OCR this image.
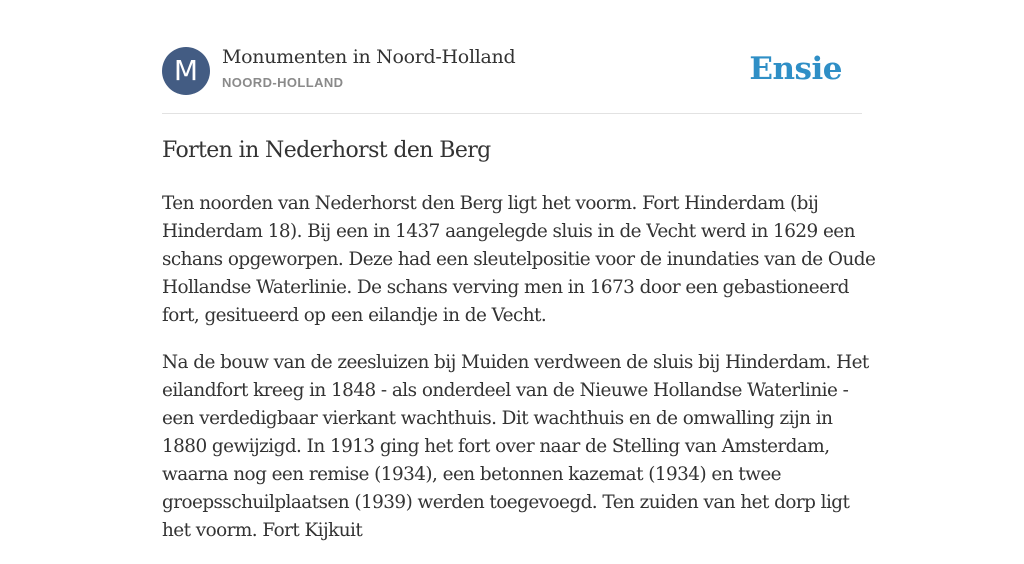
M	Monumenten in Noord-Holland
NOORD-HOLLAND	Ensie
Forten in Nederhorst den Berg

Ten noorden van Nederhorst den Berg ligt het voorm. Fort Hinderdam (bij Hinderdam 18). Bij een in 1437 aangelegde sluis in de Vecht werd in 1629 een schans opgeworpen. Deze had een sleutelpositie voor de inundaties van de Oude Hollandse Waterlinie. De schans verving men in 1673 door een gebastioneerd fort, gesitueerd op een eilandje in de Vecht.

Na de bouw van de zeesluizen bij Muiden verdween de sluis bij Hinderdam. Het eilandfort kreeg in 1848 - als onderdeel van de Nieuwe Hollandse Waterlinie - een verdedigbaar vierkant wachthuis. Dit wachthuis en de omwalling zijn in 1880 gewijzigd. In 1913 ging het fort over naar de Stelling van Amsterdam, waarna nog een remise (1934), een betonnen kazemat (1934) en twee groepsschuilplaatsen (1939) werden toegevoegd. Ten zuiden van het dorp ligt het voorm. Fort Kijkuit
